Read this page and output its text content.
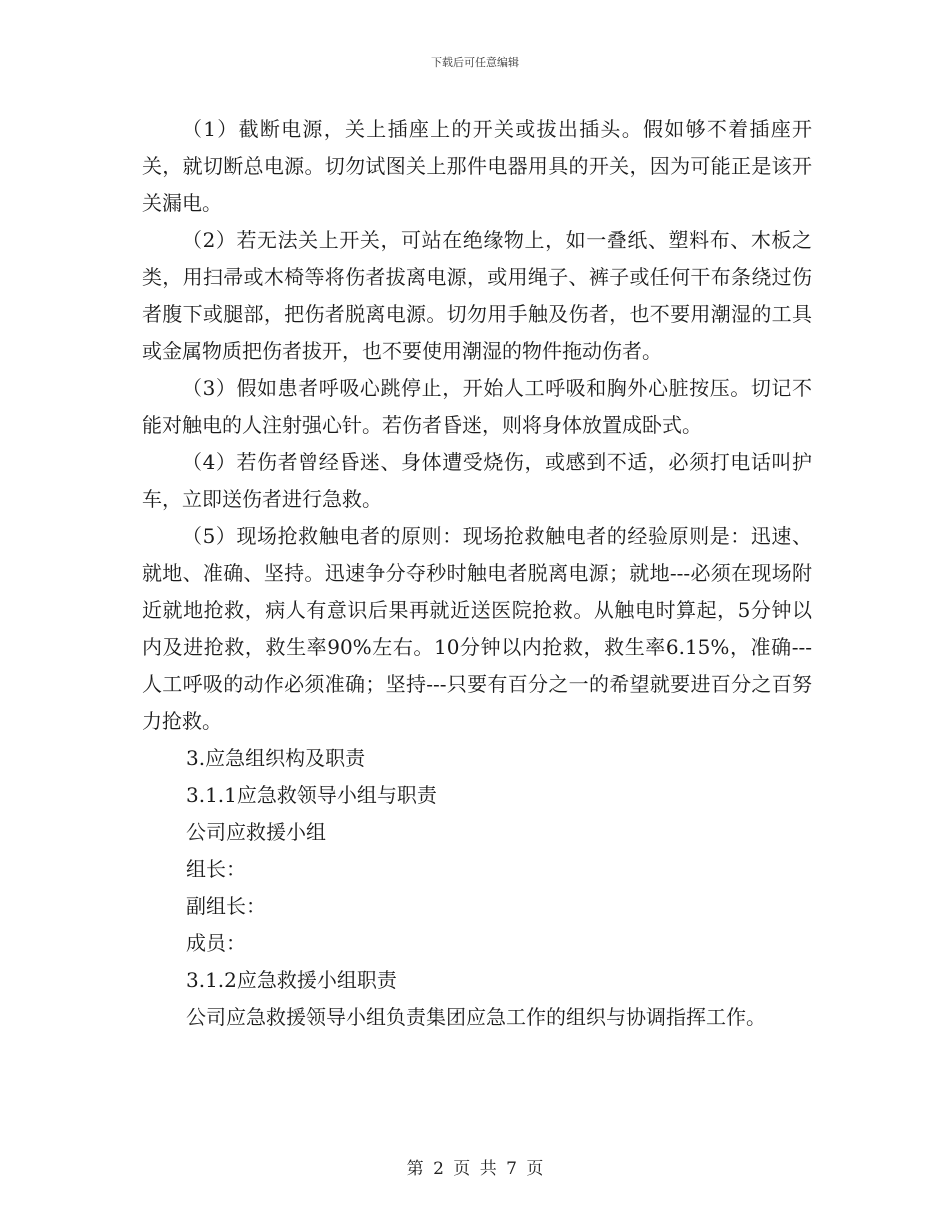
下载后可任意编辑

（1）截断电源，关上插座上的开关或拔出插头。假如够不着插座开关，就切断总电源。切勿试图关上那件电器用具的开关，因为可能正是该开关漏电。

（2）若无法关上开关，可站在绝缘物上，如一叠纸、塑料布、木板之类，用扫帚或木椅等将伤者拔离电源，或用绳子、裤子或任何干布条绕过伤者腹下或腿部，把伤者脱离电源。切勿用手触及伤者，也不要用潮湿的工具或金属物质把伤者拔开，也不要使用潮湿的物件拖动伤者。

（3）假如患者呼吸心跳停止，开始人工呼吸和胸外心脏按压。切记不能对触电的人注射强心针。若伤者昏迷，则将身体放置成卧式。

（4）若伤者曾经昏迷、身体遭受烧伤，或感到不适，必须打电话叫护车，立即送伤者进行急救。

（5）现场抢救触电者的原则：现场抢救触电者的经验原则是：迅速、就地、准确、坚持。迅速争分夺秒时触电者脱离电源；就地---必须在现场附近就地抢救，病人有意识后果再就近送医院抢救。从触电时算起，5分钟以内及进抢救，救生率90%左右。10分钟以内抢救，救生率6.15%，准确---人工呼吸的动作必须准确；坚持---只要有百分之一的希望就要进百分之百努力抢救。

3.应急组织构及职责

3.1.1应急救领导小组与职责

公司应救援小组

组长：

副组长：

成员：

3.1.2应急救援小组职责

公司应急救援领导小组负责集团应急工作的组织与协调指挥工作。

第 2 页 共 7 页
